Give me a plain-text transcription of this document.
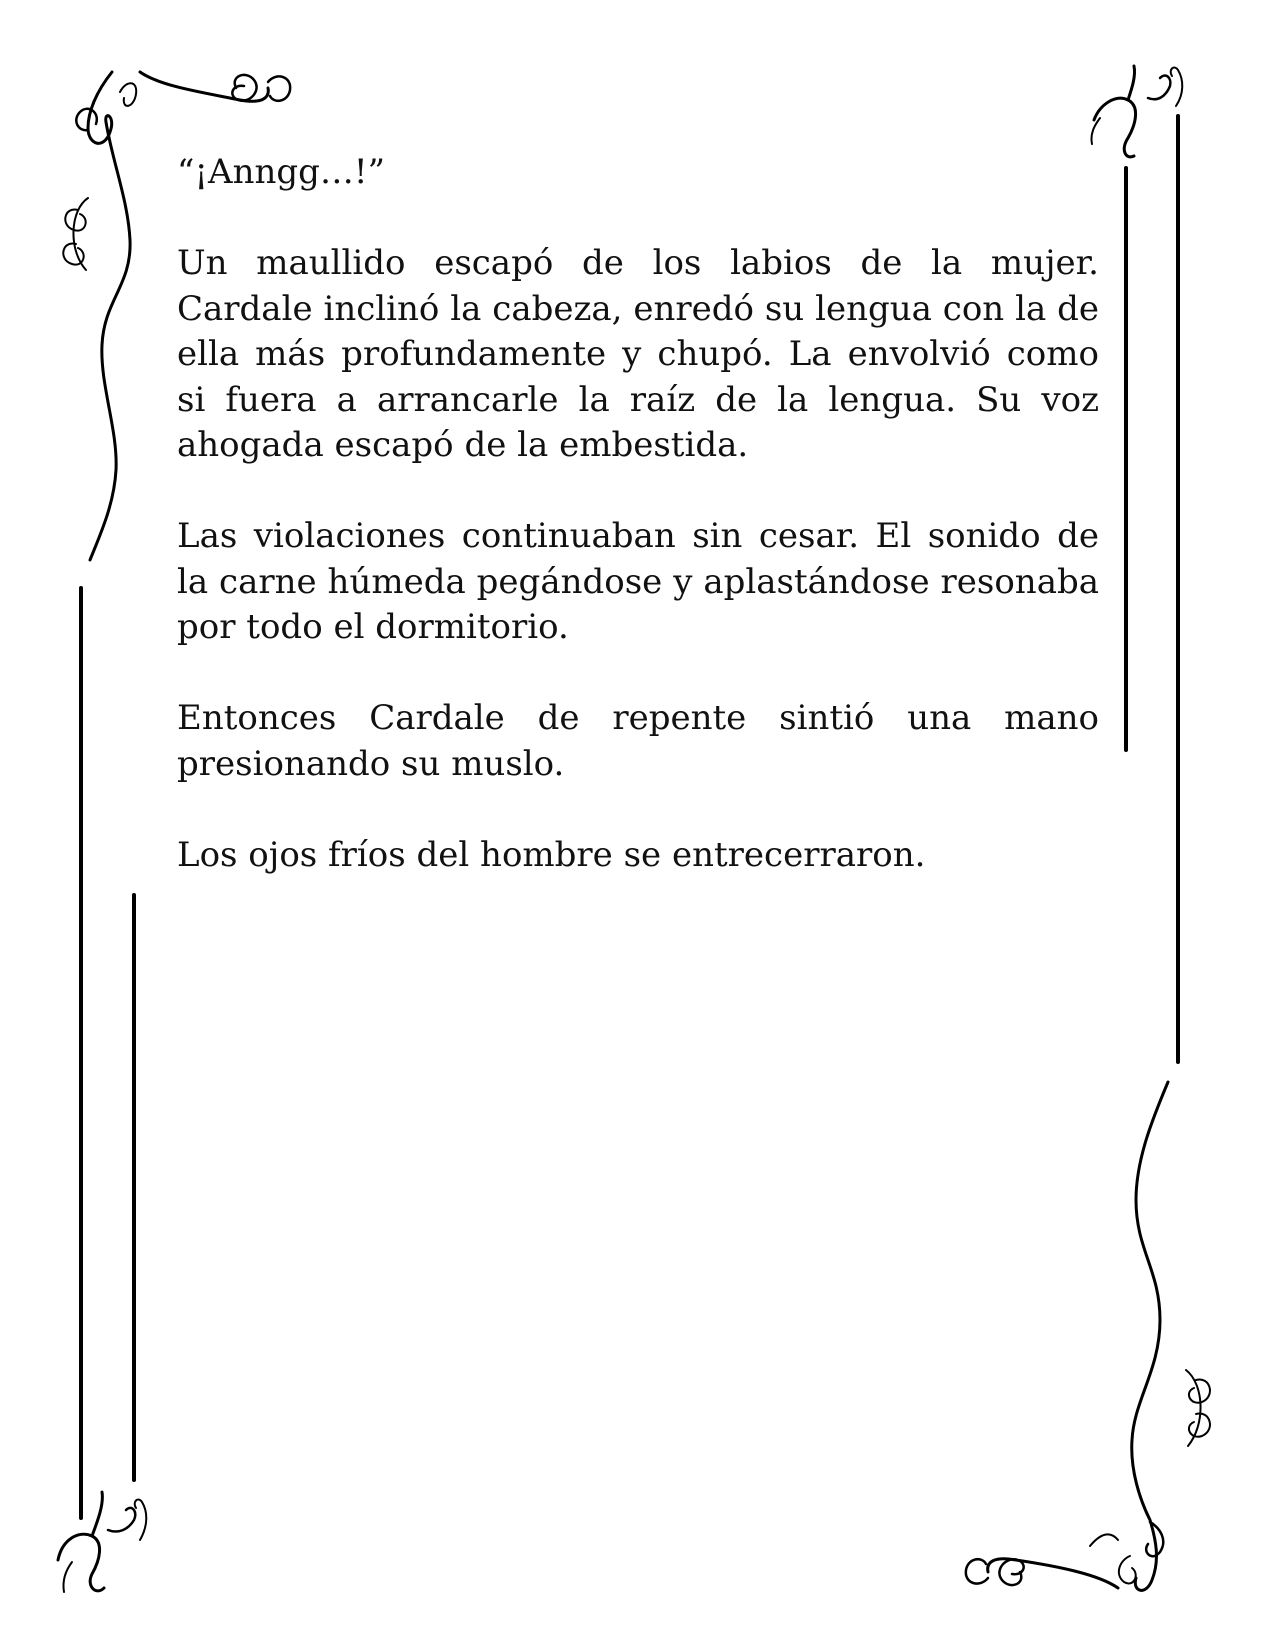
“¡Anngg…!”

Un maullido escapó de los labios de la mujer. Cardale inclinó la cabeza, enredó su lengua con la de ella más profundamente y chupó. La envolvió como si fuera a arrancarle la raíz de la lengua. Su voz ahogada escapó de la embestida.

Las violaciones continuaban sin cesar. El sonido de la carne húmeda pegándose y aplastándose resonaba por todo el dormitorio.

Entonces Cardale de repente sintió una mano presionando su muslo.

Los ojos fríos del hombre se entrecerraron.
